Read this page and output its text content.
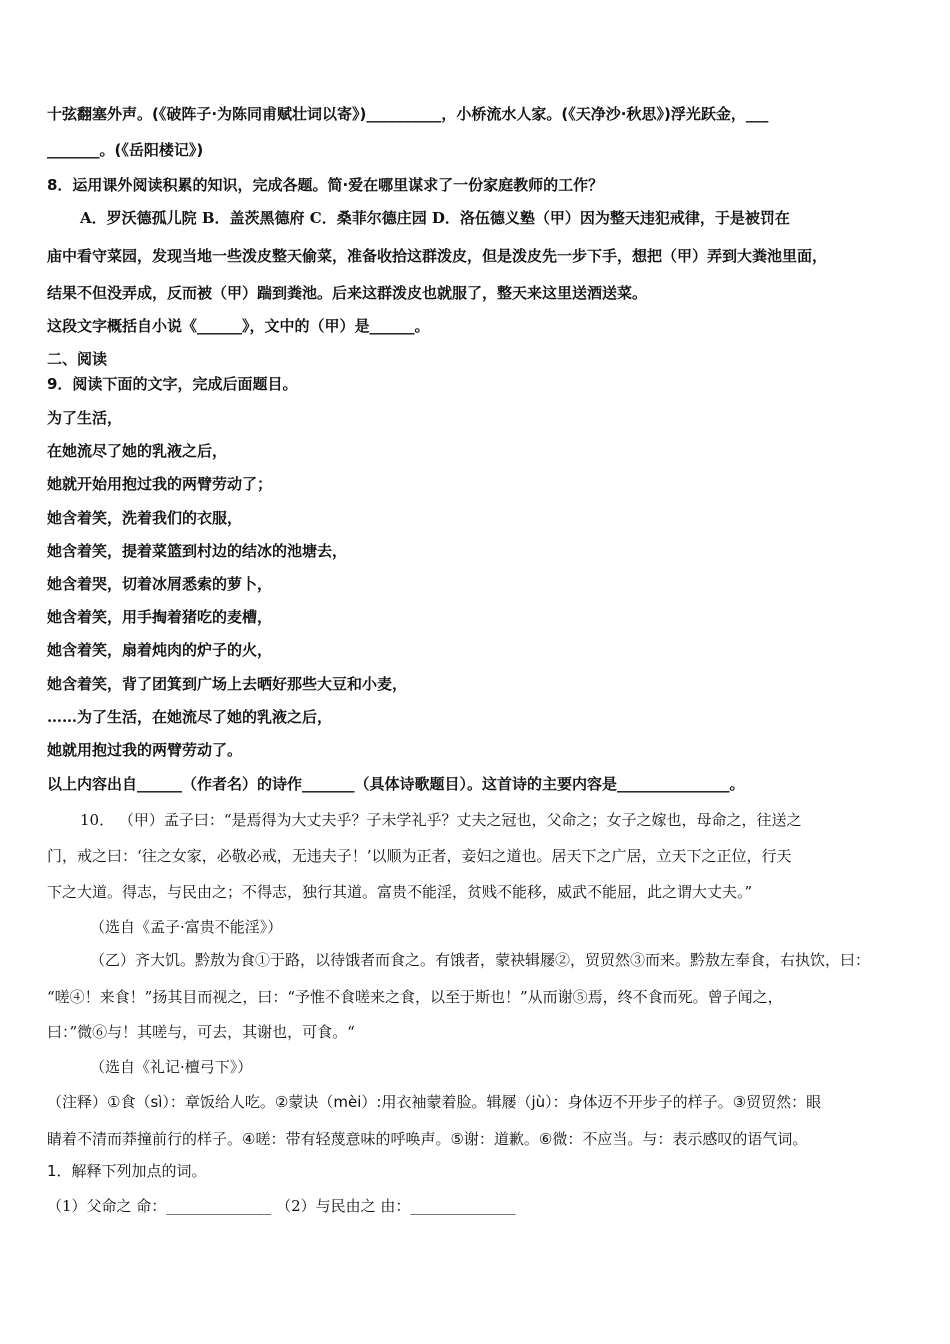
十弦翻塞外声。(《破阵子·为陈同甫赋壮词以寄》)__________，小桥流水人家。(《天净沙·秋思》)浮光跃金，___
_______。(《岳阳楼记》)
8．运用课外阅读积累的知识，完成各题。简·爱在哪里谋求了一份家庭教师的工作？
A．罗沃德孤儿院 B．盖茨黑德府 C．桑菲尔德庄园 D．洛伍德义塾（甲）因为整天违犯戒律，于是被罚在
庙中看守菜园，发现当地一些泼皮整天偷菜，准备收拾这群泼皮，但是泼皮先一步下手，想把（甲）弄到大粪池里面，
结果不但没弄成，反而被（甲）踹到粪池。后来这群泼皮也就服了，整天来这里送酒送菜。
这段文字概括自小说《______》，文中的（甲）是______。
二、阅读
9．阅读下面的文字，完成后面题目。
为了生活，
在她流尽了她的乳液之后，
她就开始用抱过我的两臂劳动了；
她含着笑，洗着我们的衣服，
她含着笑，提着菜篮到村边的结冰的池塘去，
她含着哭，切着冰屑悉索的萝卜，
她含着笑，用手掏着猪吃的麦槽，
她含着笑，扇着炖肉的炉子的火，
她含着笑，背了团箕到广场上去晒好那些大豆和小麦，
……为了生活，在她流尽了她的乳液之后，
她就用抱过我的两臂劳动了。
以上内容出自______（作者名）的诗作_______（具体诗歌题目）。这首诗的主要内容是_______________。
10． （甲）孟子曰：“是焉得为大丈夫乎？子未学礼乎？丈夫之冠也，父命之；女子之嫁也，母命之，往送之
门，戒之曰：‘往之女家，必敬必戒，无违夫子！’以顺为正者，妾妇之道也。居天下之广居，立天下之正位，行天
下之大道。得志，与民由之；不得志，独行其道。富贵不能淫，贫贱不能移，威武不能屈，此之谓大丈夫。”
（选自《孟子·富贵不能淫》）
（乙）齐大饥。黔敖为食①于路，以待饿者而食之。有饿者，蒙袂辑屦②，贸贸然③而来。黔敖左奉食，右执饮，曰：
“嗟④！来食！”扬其目而视之，曰：“予惟不食嗟来之食，以至于斯也！”从而谢⑤焉，终不食而死。曾子闻之，
曰：”微⑥与！其嗟与，可去，其谢也，可食。“
（选自《礼记·檀弓下》）
（注释）①食（sì）：章饭给人吃。②蒙诀（mèi）:用衣袖蒙着脸。辑屦（jù）：身体迈不开步子的样子。③贸贸然：眼
睛着不清而莽撞前行的样子。④嗟：带有轻蔑意味的呼唤声。⑤谢：道歉。⑥微：不应当。与：表示感叹的语气词。
1．解释下列加点的词。
（1）父命之 命：______________ （2）与民由之 由：______________
